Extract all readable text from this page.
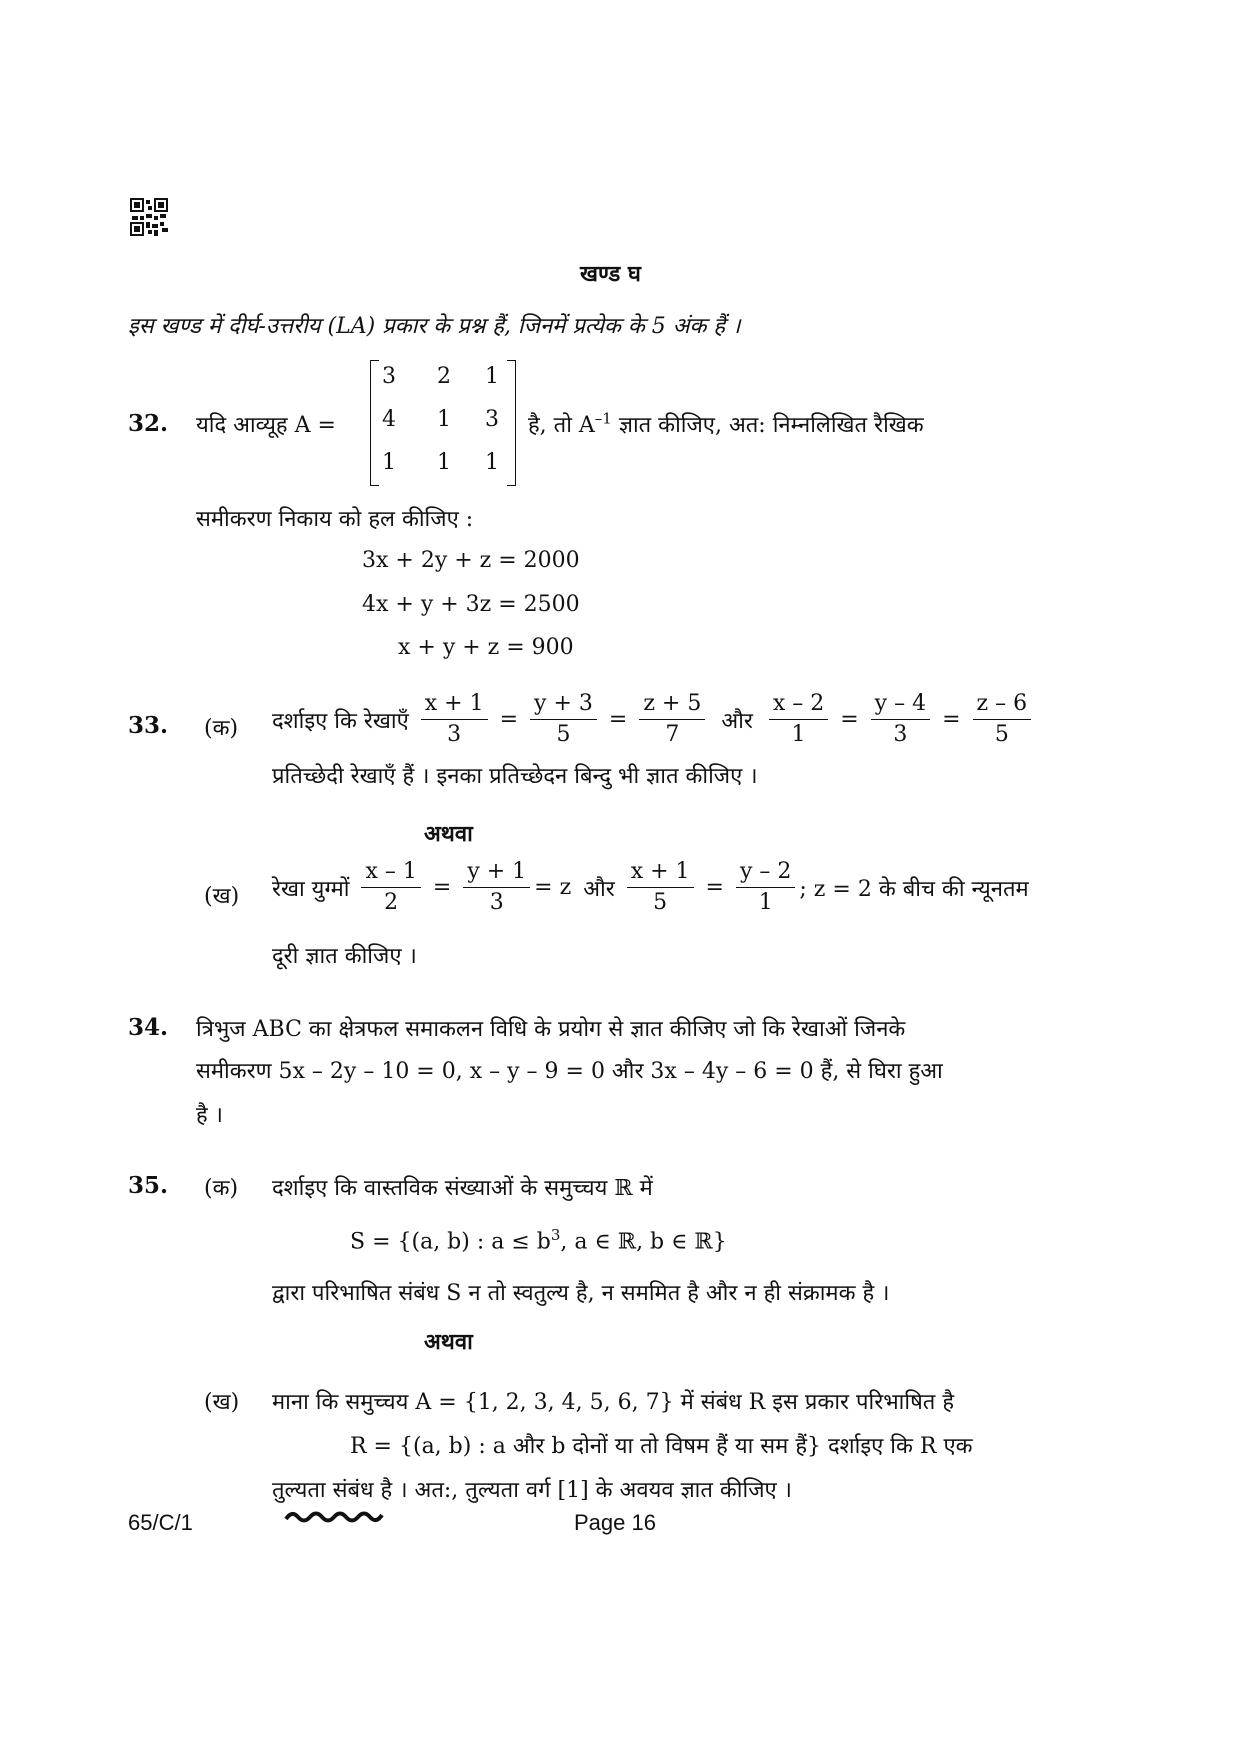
खण्ड घ
इस खण्ड में दीर्घ-उत्तरीय (LA) प्रकार के प्रश्न हैं, जिनमें प्रत्येक के 5 अंक हैं ।
32. यदि आव्यूह A =
3	2	1
4	1	3
1	1	1
है, तो $A^{-1}$ ज्ञात कीजिए, अत: निम्नलिखित रैखिक
समीकरण निकाय को हल कीजिए :
3x + 2y + z = 2000
4x + y + 3z = 2500
x + y + z = 900
33. (क) दर्शाइए कि रेखाएँ $\frac{x + 1}{3} = \frac{y + 3}{5} = \frac{z + 5}{7}$ और $\frac{x - 2}{1} = \frac{y - 4}{3} = \frac{z - 6}{5}$
प्रतिच्छेदी रेखाएँ हैं । इनका प्रतिच्छेदन बिन्दु भी ज्ञात कीजिए ।
अथवा
(ख) रेखा युग्मों $\frac{x - 1}{2} = \frac{y + 1}{3} = z$ और $\frac{x + 1}{5} = \frac{y - 2}{1}$ ; z = 2 के बीच की न्यूनतम
दूरी ज्ञात कीजिए ।
34. त्रिभुज ABC का क्षेत्रफल समाकलन विधि के प्रयोग से ज्ञात कीजिए जो कि रेखाओं जिनके
समीकरण 5x – 2y – 10 = 0, x – y – 9 = 0 और 3x – 4y – 6 = 0 हैं, से घिरा हुआ
है ।
35. (क) दर्शाइए कि वास्तविक संख्याओं के समुच्चय ℝ में
S = {(a, b) : $a \le b^3$, a ∈ ℝ, b ∈ ℝ}
द्वारा परिभाषित संबंध S न तो स्वतुल्य है, न सममित है और न ही संक्रामक है ।
अथवा
(ख) माना कि समुच्चय A = {1, 2, 3, 4, 5, 6, 7} में संबंध R इस प्रकार परिभाषित है
R = {(a, b) : a और b दोनों या तो विषम हैं या सम हैं} दर्शाइए कि R एक
तुल्यता संबंध है । अत:, तुल्यता वर्ग [1] के अवयव ज्ञात कीजिए ।
65/C/1	Page 16
